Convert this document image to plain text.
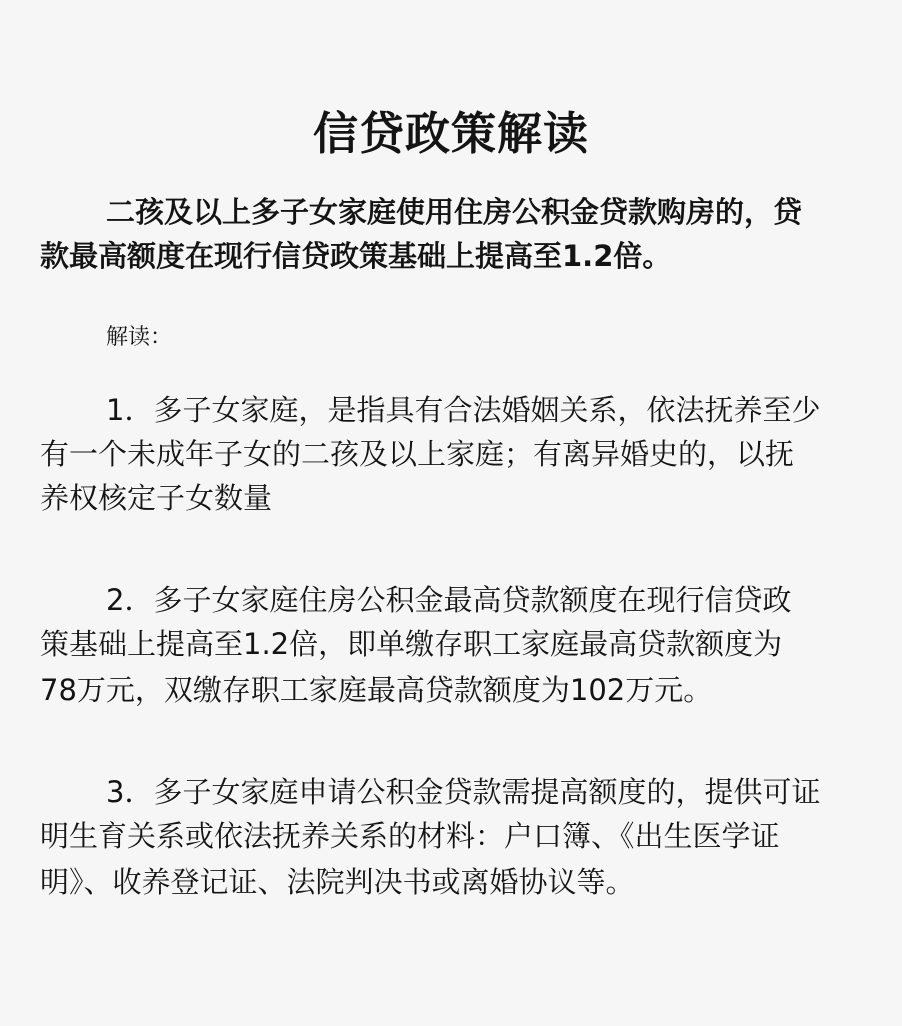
信贷政策解读

二孩及以上多子女家庭使用住房公积金贷款购房的，贷

款最高额度在现行信贷政策基础上提高至1.2倍。

解读：

1．多子女家庭，是指具有合法婚姻关系，依法抚养至少

有一个未成年子女的二孩及以上家庭；有离异婚史的，以抚

养权核定子女数量

2．多子女家庭住房公积金最高贷款额度在现行信贷政

策基础上提高至1.2倍，即单缴存职工家庭最高贷款额度为

78万元，双缴存职工家庭最高贷款额度为102万元。

3．多子女家庭申请公积金贷款需提高额度的，提供可证

明生育关系或依法抚养关系的材料：户口簿、《出生医学证

明》、收养登记证、法院判决书或离婚协议等。
